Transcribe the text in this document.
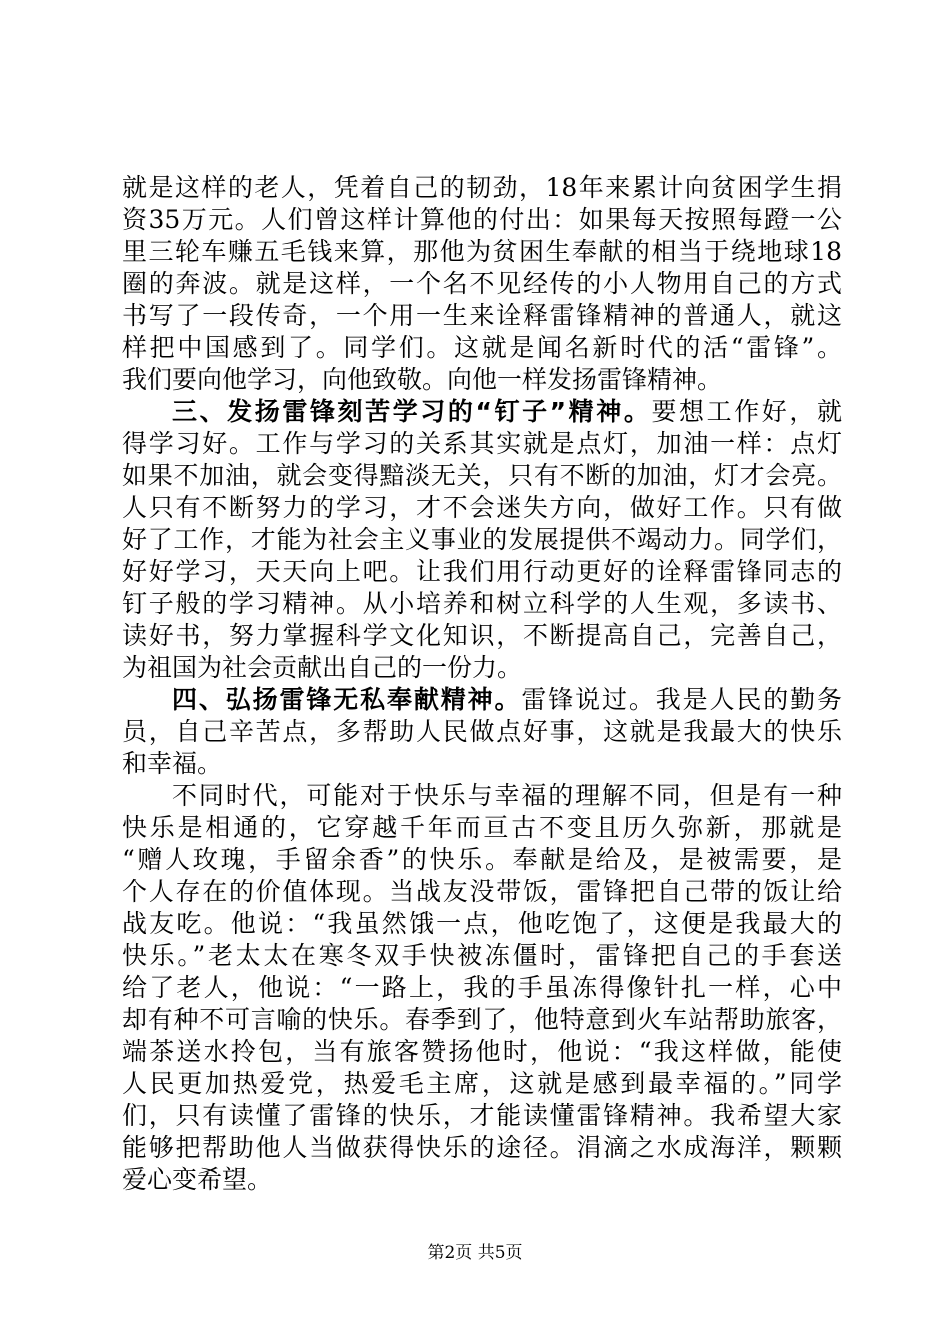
就是这样的老人，凭着自己的韧劲，18年来累计向贫困学生捐
资35万元。人们曾这样计算他的付出：如果每天按照每蹬一公
里三轮车赚五毛钱来算，那他为贫困生奉献的相当于绕地球18
圈的奔波。就是这样，一个名不见经传的小人物用自己的方式
书写了一段传奇，一个用一生来诠释雷锋精神的普通人，就这
样把中国感到了。同学们。这就是闻名新时代的活“雷锋”。
我们要向他学习，向他致敬。向他一样发扬雷锋精神。
三、发扬雷锋刻苦学习的“钉子”精神。要想工作好，就
得学习好。工作与学习的关系其实就是点灯，加油一样：点灯
如果不加油，就会变得黯淡无关，只有不断的加油，灯才会亮。
人只有不断努力的学习，才不会迷失方向，做好工作。只有做
好了工作，才能为社会主义事业的发展提供不竭动力。同学们，
好好学习，天天向上吧。让我们用行动更好的诠释雷锋同志的
钉子般的学习精神。从小培养和树立科学的人生观，多读书、
读好书，努力掌握科学文化知识，不断提高自己，完善自己，
为祖国为社会贡献出自己的一份力。
四、弘扬雷锋无私奉献精神。雷锋说过。我是人民的勤务
员，自己辛苦点，多帮助人民做点好事，这就是我最大的快乐
和幸福。
不同时代，可能对于快乐与幸福的理解不同，但是有一种
快乐是相通的，它穿越千年而亘古不变且历久弥新，那就是
“赠人玫瑰，手留余香”的快乐。奉献是给及，是被需要，是
个人存在的价值体现。当战友没带饭，雷锋把自己带的饭让给
战友吃。他说：“我虽然饿一点，他吃饱了，这便是我最大的
快乐。”老太太在寒冬双手快被冻僵时，雷锋把自己的手套送
给了老人，他说：“一路上，我的手虽冻得像针扎一样，心中
却有种不可言喻的快乐。春季到了，他特意到火车站帮助旅客，
端茶送水拎包，当有旅客赞扬他时，他说：“我这样做，能使
人民更加热爱党，热爱毛主席，这就是感到最幸福的。”同学
们，只有读懂了雷锋的快乐，才能读懂雷锋精神。我希望大家
能够把帮助他人当做获得快乐的途径。涓滴之水成海洋，颗颗
爱心变希望。
第2页 共5页
